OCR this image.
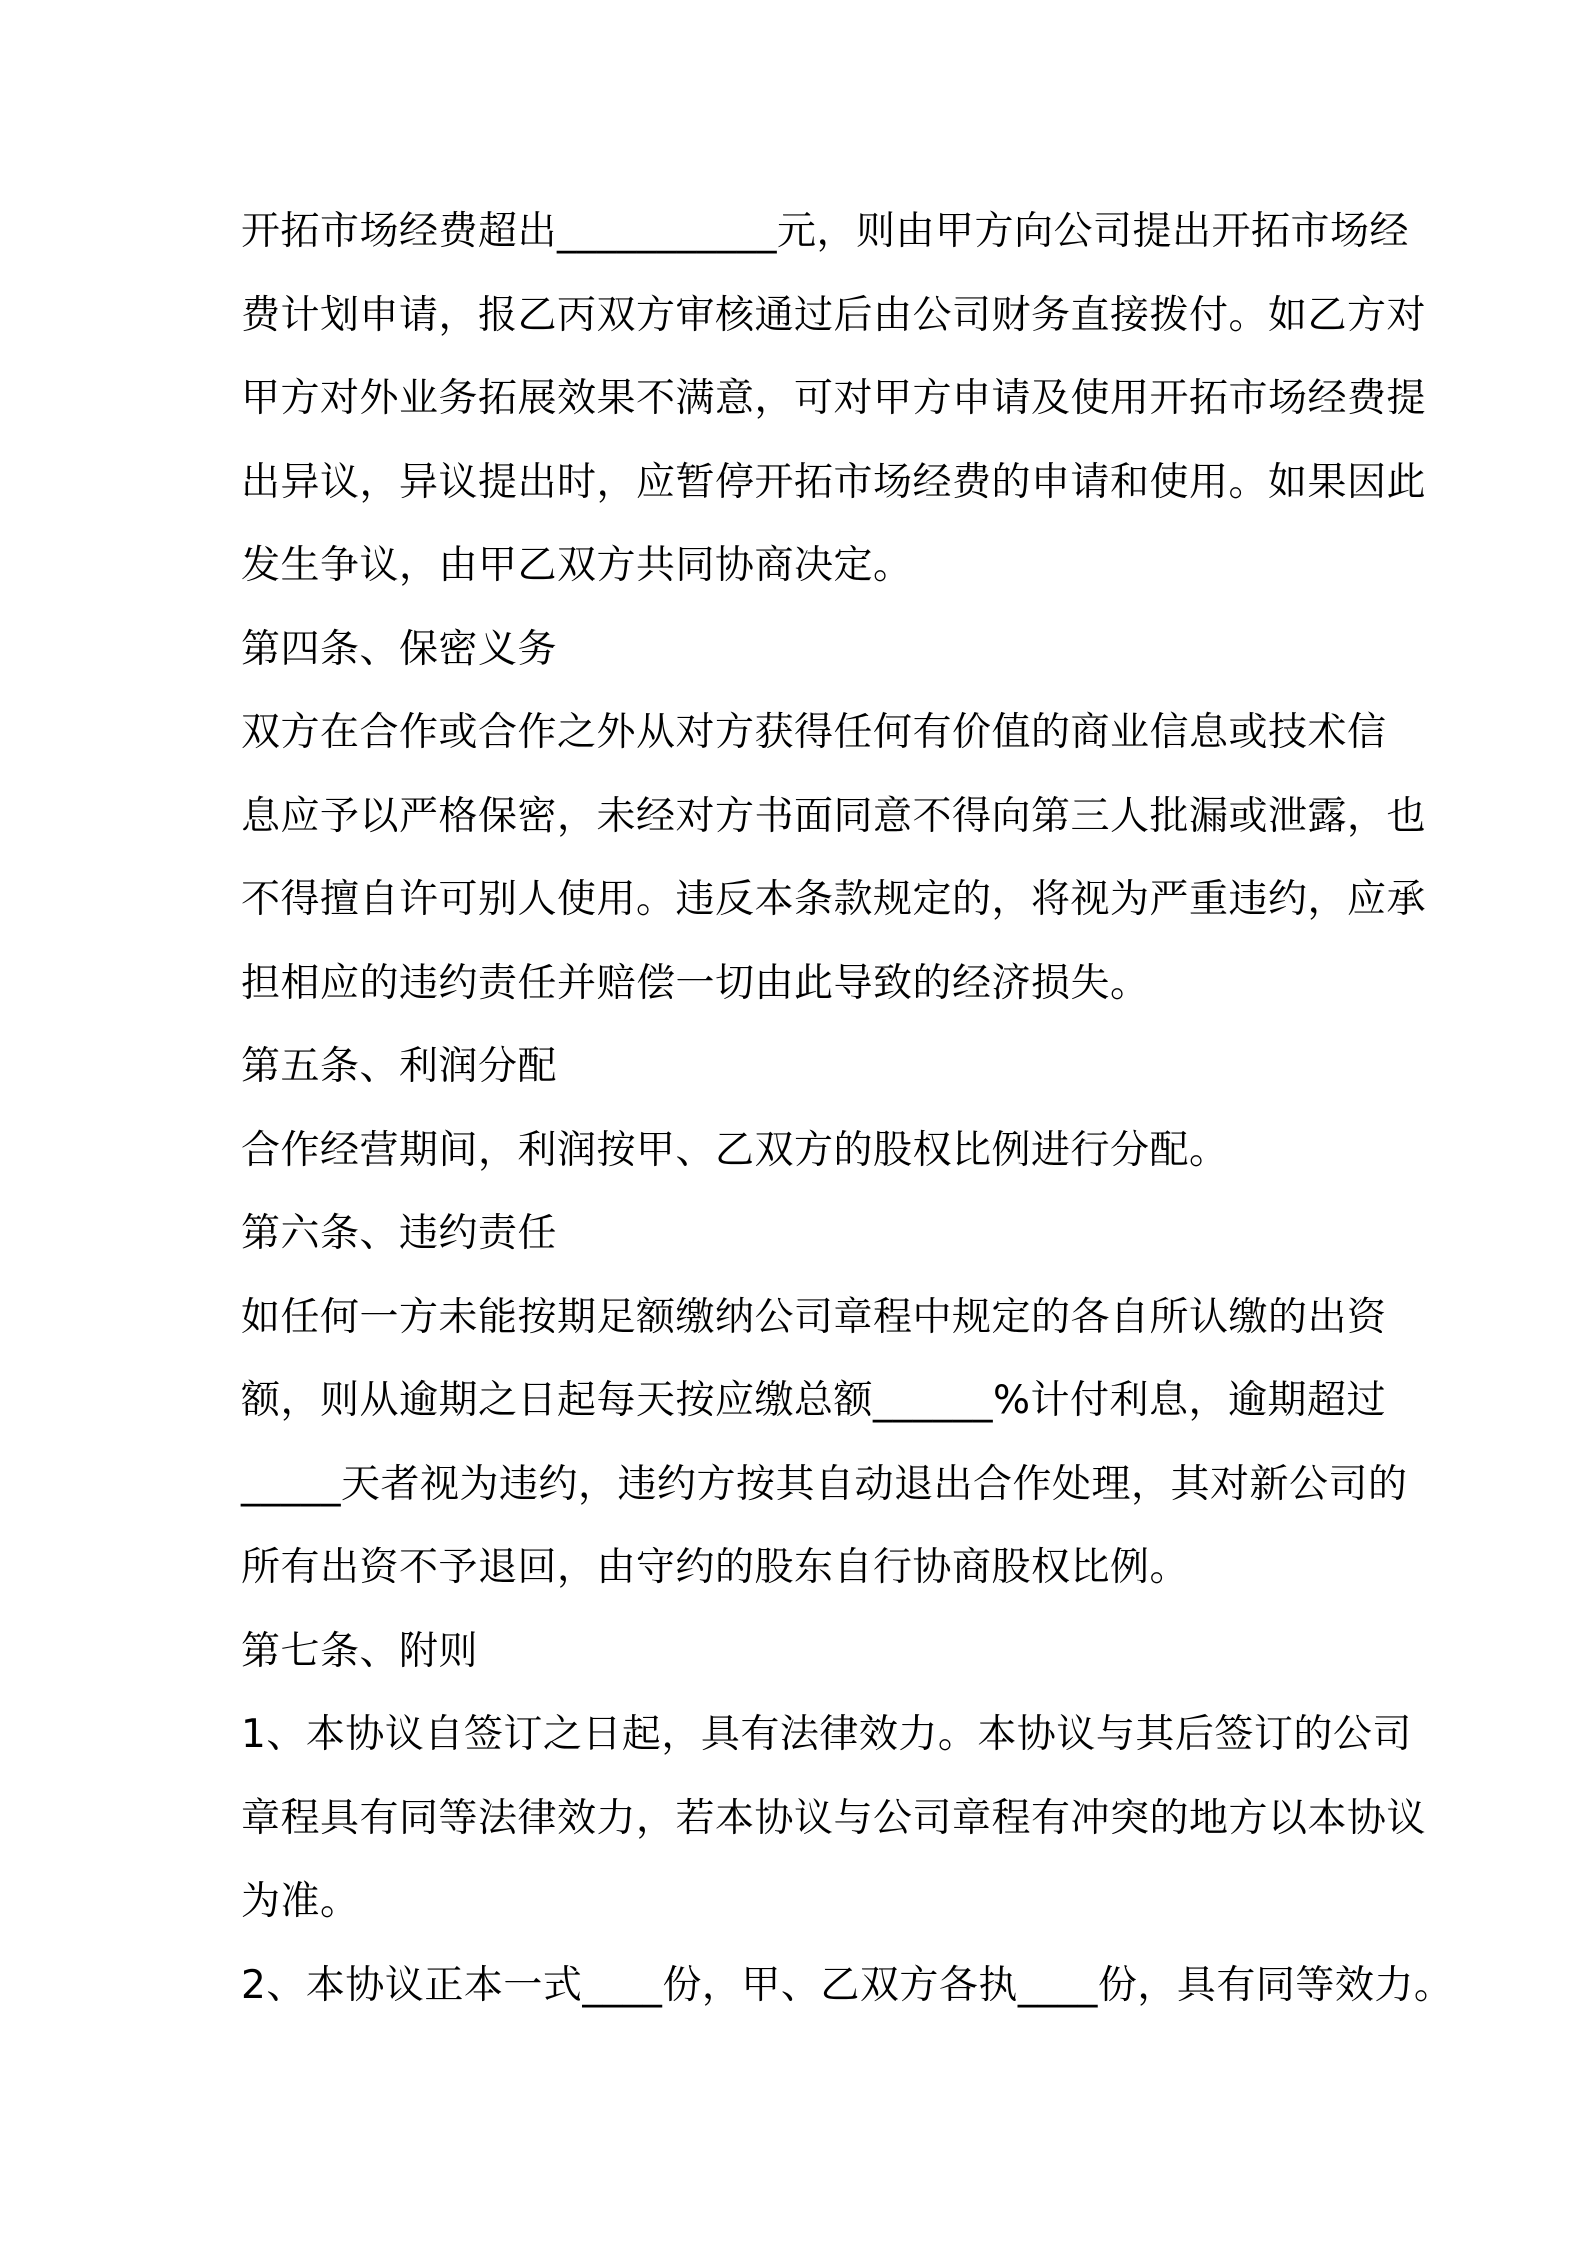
开拓市场经费超出___________元，则由甲方向公司提出开拓市场经
费计划申请，报乙丙双方审核通过后由公司财务直接拨付。如乙方对
甲方对外业务拓展效果不满意，可对甲方申请及使用开拓市场经费提
出异议，异议提出时，应暂停开拓市场经费的申请和使用。如果因此
发生争议，由甲乙双方共同协商决定。
第四条、保密义务
双方在合作或合作之外从对方获得任何有价值的商业信息或技术信
息应予以严格保密，未经对方书面同意不得向第三人批漏或泄露，也
不得擅自许可别人使用。违反本条款规定的，将视为严重违约，应承
担相应的违约责任并赔偿一切由此导致的经济损失。
第五条、利润分配
合作经营期间，利润按甲、乙双方的股权比例进行分配。
第六条、违约责任
如任何一方未能按期足额缴纳公司章程中规定的各自所认缴的出资
额，则从逾期之日起每天按应缴总额______%计付利息，逾期超过
_____天者视为违约，违约方按其自动退出合作处理，其对新公司的
所有出资不予退回，由守约的股东自行协商股权比例。
第七条、附则
1、本协议自签订之日起，具有法律效力。本协议与其后签订的公司
章程具有同等法律效力，若本协议与公司章程有冲突的地方以本协议
为准。
2、本协议正本一式____份，甲、乙双方各执____份，具有同等效力。
